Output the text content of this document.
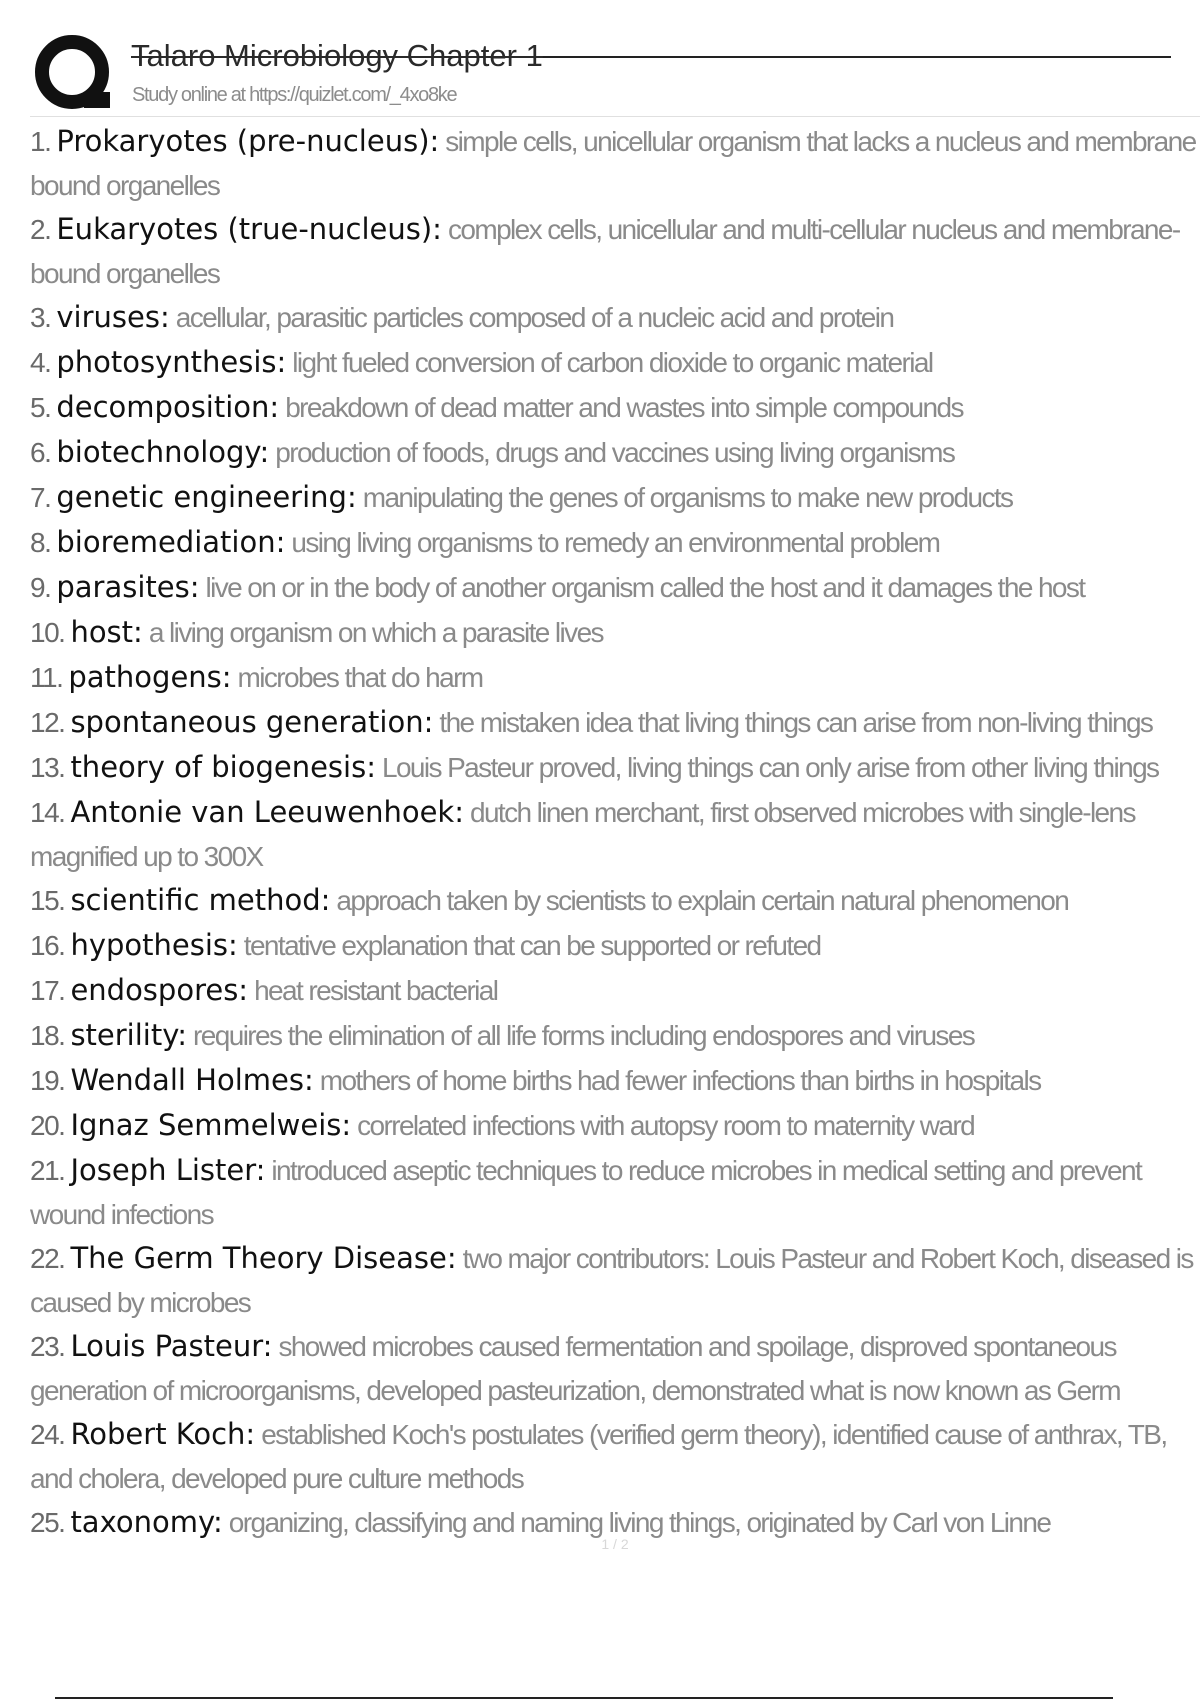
Talaro Microbiology Chapter 1
Study online at https://quizlet.com/_4xo8ke
1. Prokaryotes (pre-nucleus): simple cells, unicellular organism that lacks a nucleus and membrane bound organelles
2. Eukaryotes (true-nucleus): complex cells, unicellular and multi-cellular nucleus and membrane-bound organelles
3. viruses: acellular, parasitic particles composed of a nucleic acid and protein
4. photosynthesis: light fueled conversion of carbon dioxide to organic material
5. decomposition: breakdown of dead matter and wastes into simple compounds
6. biotechnology: production of foods, drugs and vaccines using living organisms
7. genetic engineering: manipulating the genes of organisms to make new products
8. bioremediation: using living organisms to remedy an environmental problem
9. parasites: live on or in the body of another organism called the host and it damages the host
10. host: a living organism on which a parasite lives
11. pathogens: microbes that do harm
12. spontaneous generation: the mistaken idea that living things can arise from non-living things
13. theory of biogenesis: Louis Pasteur proved, living things can only arise from other living things
14. Antonie van Leeuwenhoek: dutch linen merchant, first observed microbes with single-lens magnified up to 300X
15. scientific method: approach taken by scientists to explain certain natural phenomenon
16. hypothesis: tentative explanation that can be supported or refuted
17. endospores: heat resistant bacterial
18. sterility: requires the elimination of all life forms including endospores and viruses
19. Wendall Holmes: mothers of home births had fewer infections than births in hospitals
20. Ignaz Semmelweis: correlated infections with autopsy room to maternity ward
21. Joseph Lister: introduced aseptic techniques to reduce microbes in medical setting and prevent wound infections
22. The Germ Theory Disease: two major contributors: Louis Pasteur and Robert Koch, diseased is caused by microbes
23. Louis Pasteur: showed microbes caused fermentation and spoilage, disproved spontaneous generation of microorganisms, developed pasteurization, demonstrated what is now known as Germ
24. Robert Koch: established Koch's postulates (verified germ theory), identified cause of anthrax, TB, and cholera, developed pure culture methods
25. taxonomy: organizing, classifying and naming living things, originated by Carl von Linne
1 / 2
